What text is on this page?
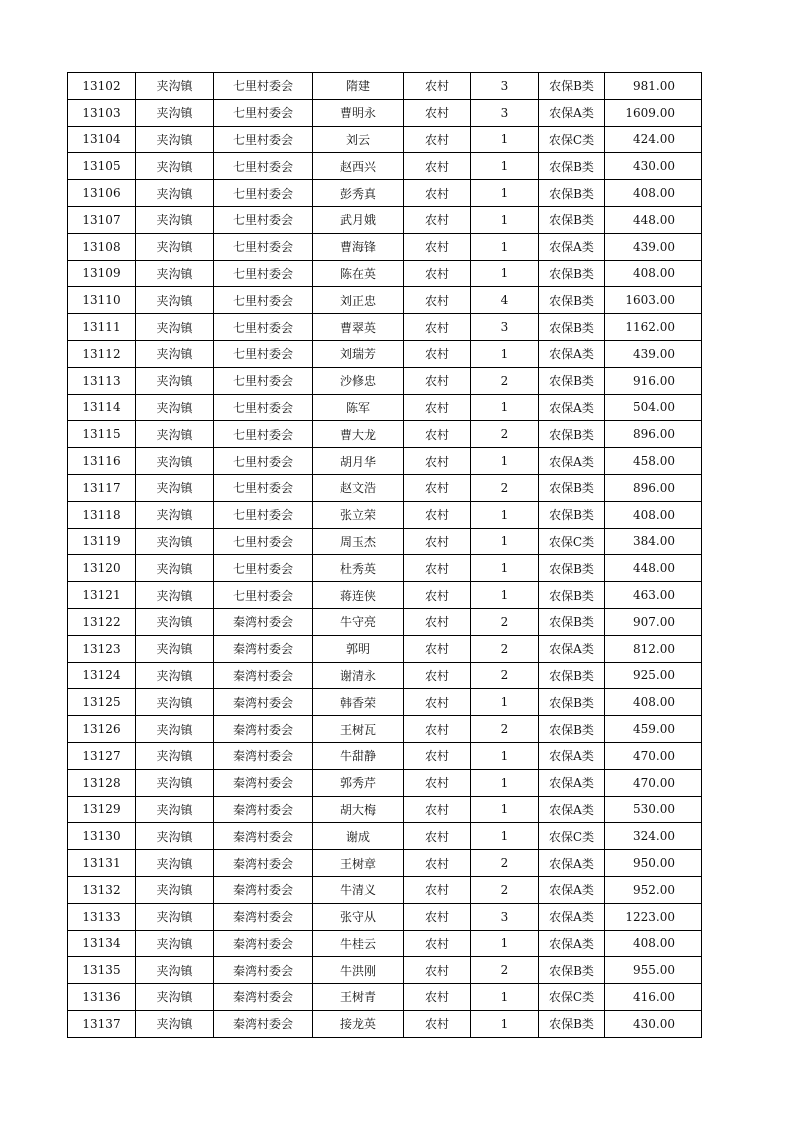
13102	夹沟镇	七里村委会	隋建	农村	3	农保B类	981.00
13103	夹沟镇	七里村委会	曹明永	农村	3	农保A类	1609.00
13104	夹沟镇	七里村委会	刘云	农村	1	农保C类	424.00
13105	夹沟镇	七里村委会	赵西兴	农村	1	农保B类	430.00
13106	夹沟镇	七里村委会	彭秀真	农村	1	农保B类	408.00
13107	夹沟镇	七里村委会	武月娥	农村	1	农保B类	448.00
13108	夹沟镇	七里村委会	曹海锋	农村	1	农保A类	439.00
13109	夹沟镇	七里村委会	陈在英	农村	1	农保B类	408.00
13110	夹沟镇	七里村委会	刘正忠	农村	4	农保B类	1603.00
13111	夹沟镇	七里村委会	曹翠英	农村	3	农保B类	1162.00
13112	夹沟镇	七里村委会	刘瑞芳	农村	1	农保A类	439.00
13113	夹沟镇	七里村委会	沙修忠	农村	2	农保B类	916.00
13114	夹沟镇	七里村委会	陈军	农村	1	农保A类	504.00
13115	夹沟镇	七里村委会	曹大龙	农村	2	农保B类	896.00
13116	夹沟镇	七里村委会	胡月华	农村	1	农保A类	458.00
13117	夹沟镇	七里村委会	赵文浩	农村	2	农保B类	896.00
13118	夹沟镇	七里村委会	张立荣	农村	1	农保B类	408.00
13119	夹沟镇	七里村委会	周玉杰	农村	1	农保C类	384.00
13120	夹沟镇	七里村委会	杜秀英	农村	1	农保B类	448.00
13121	夹沟镇	七里村委会	蒋连侠	农村	1	农保B类	463.00
13122	夹沟镇	秦湾村委会	牛守亮	农村	2	农保B类	907.00
13123	夹沟镇	秦湾村委会	郭明	农村	2	农保A类	812.00
13124	夹沟镇	秦湾村委会	谢清永	农村	2	农保B类	925.00
13125	夹沟镇	秦湾村委会	韩香荣	农村	1	农保B类	408.00
13126	夹沟镇	秦湾村委会	王树瓦	农村	2	农保B类	459.00
13127	夹沟镇	秦湾村委会	牛甜静	农村	1	农保A类	470.00
13128	夹沟镇	秦湾村委会	郭秀芹	农村	1	农保A类	470.00
13129	夹沟镇	秦湾村委会	胡大梅	农村	1	农保A类	530.00
13130	夹沟镇	秦湾村委会	谢成	农村	1	农保C类	324.00
13131	夹沟镇	秦湾村委会	王树章	农村	2	农保A类	950.00
13132	夹沟镇	秦湾村委会	牛清义	农村	2	农保A类	952.00
13133	夹沟镇	秦湾村委会	张守从	农村	3	农保A类	1223.00
13134	夹沟镇	秦湾村委会	牛桂云	农村	1	农保A类	408.00
13135	夹沟镇	秦湾村委会	牛洪刚	农村	2	农保B类	955.00
13136	夹沟镇	秦湾村委会	王树青	农村	1	农保C类	416.00
13137	夹沟镇	秦湾村委会	接龙英	农村	1	农保B类	430.00
